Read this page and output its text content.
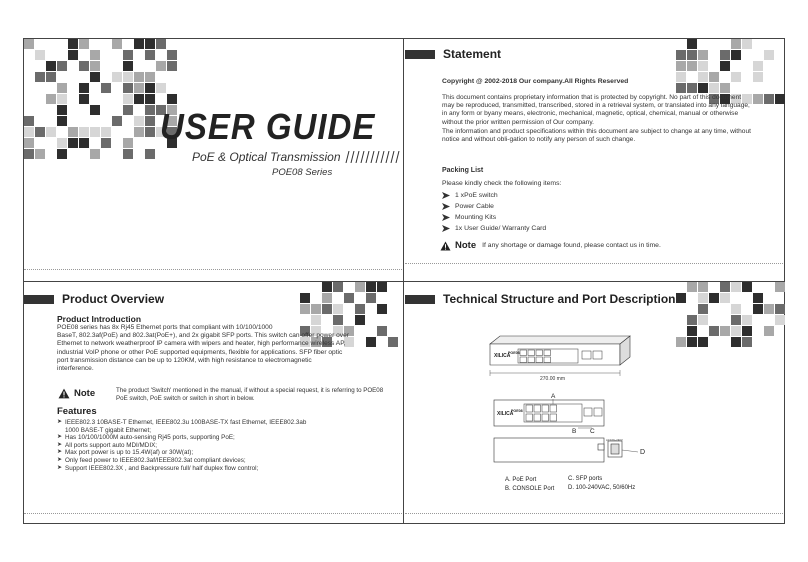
USER GUIDE
PoE & Optical Transmission
POE08 Series
Statement
Copyright @ 2002-2018 Our company.All Rights Reserved
This document contains proprietary information that is protected by copyright. No part of this document
may be reproduced, transmitted, transcribed, stored in a retrieval system, or translated into any language,
in any form or byany means, electronic, mechanical, magnetic, optical, chemical, manual or otherwise
without the prior written permission of Our company.
The information and product specifications within this document are subject to change at any time, without
notice and without obli-gation to notify any person of such change.
Packing List
Please kindly check the following items:
1 xPoE switch
Power Cable
Mounting Kits
1x User Guide/ Warranty Card
Note If any shortage or damage found, please contact us in time.
Product Overview
Product Introduction
POE08 series has 8x Rj45 Ethernet ports that compliant with 10/100/1000
BaseT, 802.3af(PoE) and 802.3at(PoE+), and 2x gigabit SFP ports. This switch can offer power over
Ethernet to network weatherproof IP camera with wipers and heater, high performance wireless AP,
industrial VoIP phone or other PoE supported equipments, flexible for applications. SFP fiber optic
port transmission distance can be up to 120KM, with high resistance to electromagnetic
interference.
Note	The product 'Switch' mentioned in the manual, if without a special request, it is referring to POE08
PoE switch, PoE switch or switch in short in below.
Features
➤ IEEE802.3 10BASE-T Ethernet, IEEE802.3u 100BASE-TX fast Ethernet, IEEE802.3ab
1000 BASE-T gigabit Ethernet;
➤ Has 10/100/1000M auto-sensing Rj45 ports, supporting PoE;
➤ All ports support auto MDI/MDIX;
➤ Max port power is up to 15.4W(af) or 30W(at);
➤ Only feed power to IEEE802.3af/IEEE802.3at compliant devices;
➤ Support IEEE802.3X , and Backpressure full/ half duplex flow control;
Technical Structure and Port Description
XILICA
POE08
270.00 mm
XILICA
POE08
A
B C
AC100~240V
D
A. PoE Port
B. CONSOLE Port
C. SFP ports
D. 100-240VAC, 50/60Hz
